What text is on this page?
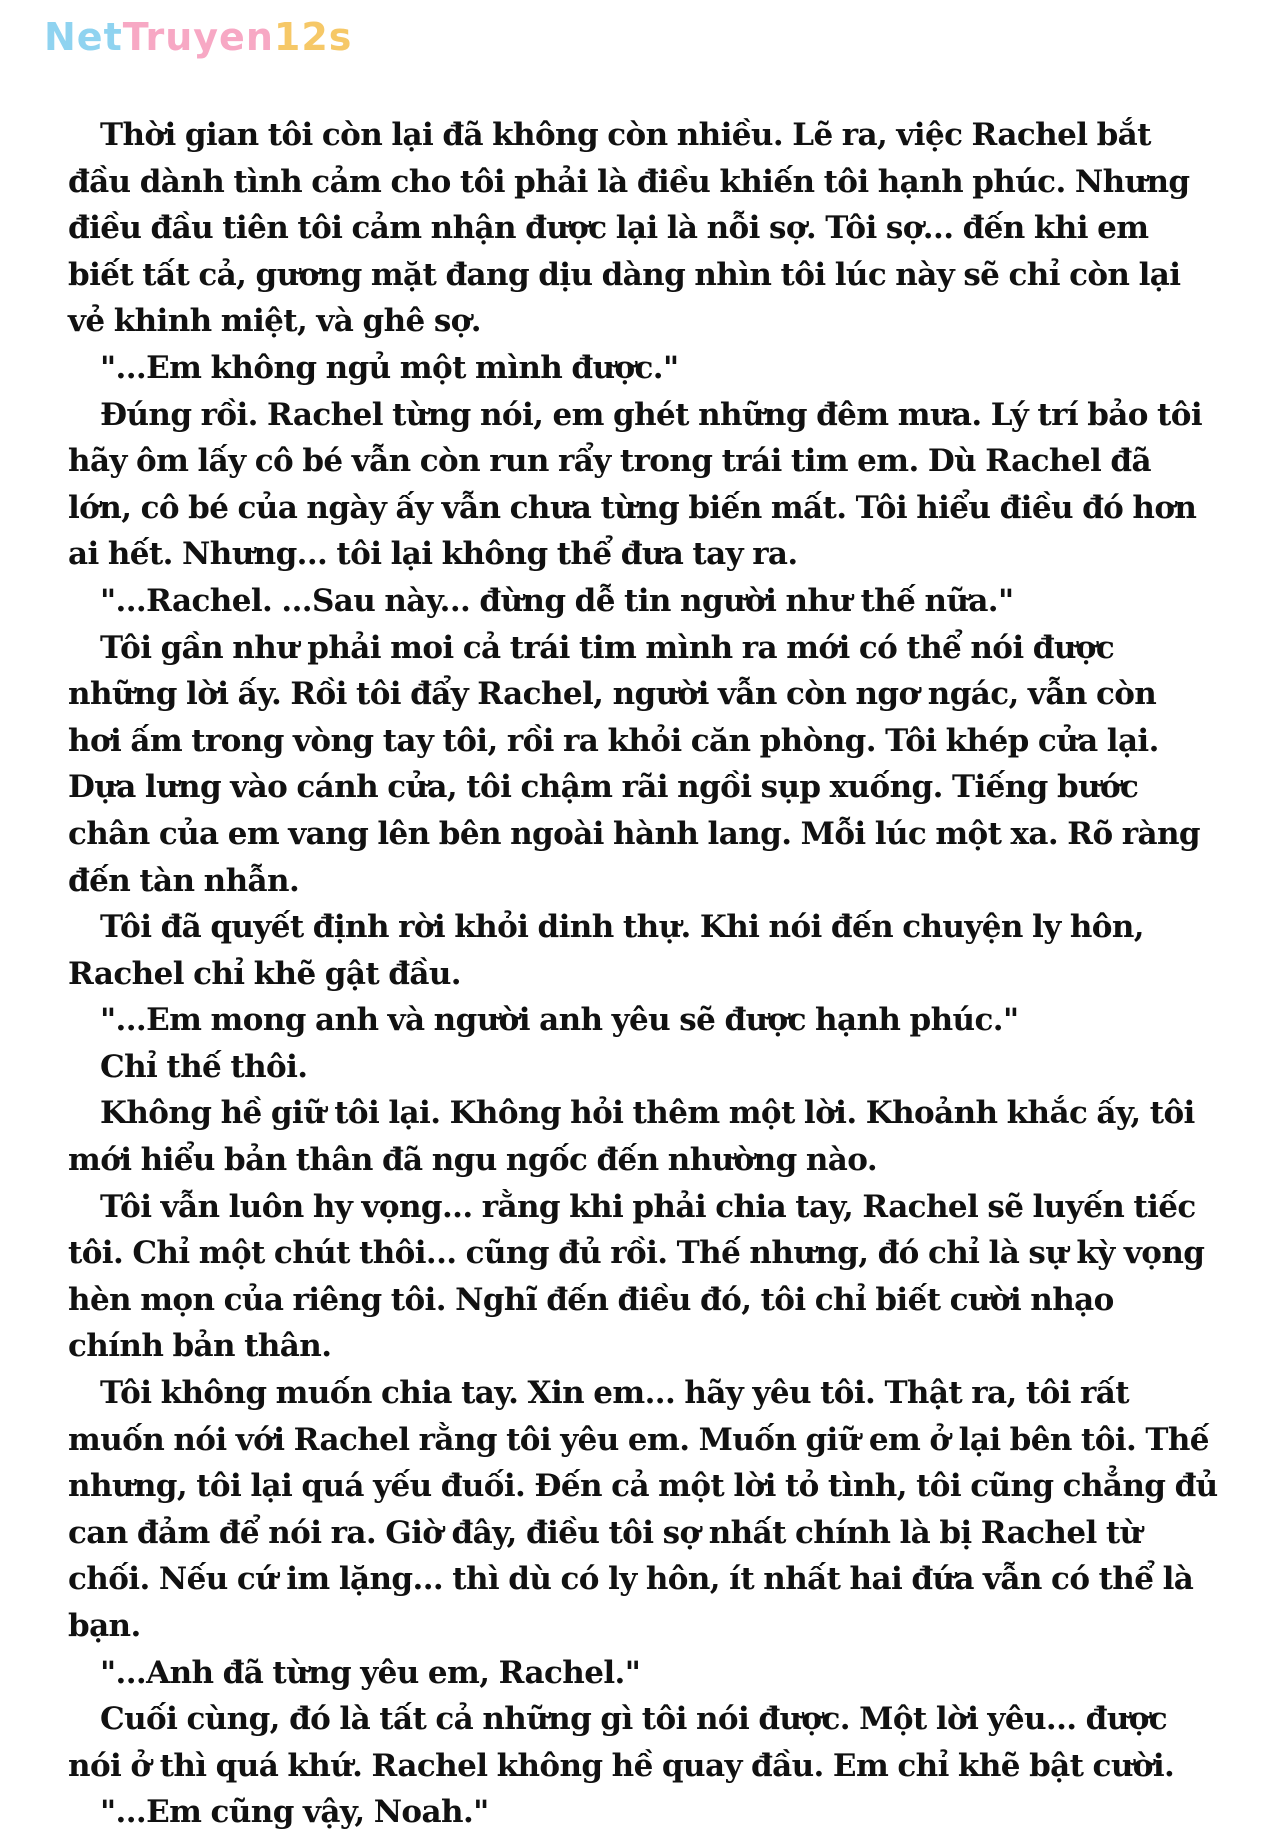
NetTruyen12s

Thời gian tôi còn lại đã không còn nhiều. Lẽ ra, việc Rachel bắt đầu dành tình cảm cho tôi phải là điều khiến tôi hạnh phúc. Nhưng điều đầu tiên tôi cảm nhận được lại là nỗi sợ. Tôi sợ... đến khi em biết tất cả, gương mặt đang dịu dàng nhìn tôi lúc này sẽ chỉ còn lại vẻ khinh miệt, và ghê sợ.

"...Em không ngủ một mình được."

Đúng rồi. Rachel từng nói, em ghét những đêm mưa. Lý trí bảo tôi hãy ôm lấy cô bé vẫn còn run rẩy trong trái tim em. Dù Rachel đã lớn, cô bé của ngày ấy vẫn chưa từng biến mất. Tôi hiểu điều đó hơn ai hết. Nhưng... tôi lại không thể đưa tay ra.

"...Rachel. ...Sau này... đừng dễ tin người như thế nữa."

Tôi gần như phải moi cả trái tim mình ra mới có thể nói được những lời ấy. Rồi tôi đẩy Rachel, người vẫn còn ngơ ngác, vẫn còn hơi ấm trong vòng tay tôi, rồi ra khỏi căn phòng. Tôi khép cửa lại. Dựa lưng vào cánh cửa, tôi chậm rãi ngồi sụp xuống. Tiếng bước chân của em vang lên bên ngoài hành lang. Mỗi lúc một xa. Rõ ràng đến tàn nhẫn.

Tôi đã quyết định rời khỏi dinh thự. Khi nói đến chuyện ly hôn, Rachel chỉ khẽ gật đầu.

"...Em mong anh và người anh yêu sẽ được hạnh phúc."

Chỉ thế thôi.

Không hề giữ tôi lại. Không hỏi thêm một lời. Khoảnh khắc ấy, tôi mới hiểu bản thân đã ngu ngốc đến nhường nào.

Tôi vẫn luôn hy vọng... rằng khi phải chia tay, Rachel sẽ luyến tiếc tôi. Chỉ một chút thôi... cũng đủ rồi. Thế nhưng, đó chỉ là sự kỳ vọng hèn mọn của riêng tôi. Nghĩ đến điều đó, tôi chỉ biết cười nhạo chính bản thân.

Tôi không muốn chia tay. Xin em... hãy yêu tôi. Thật ra, tôi rất muốn nói với Rachel rằng tôi yêu em. Muốn giữ em ở lại bên tôi. Thế nhưng, tôi lại quá yếu đuối. Đến cả một lời tỏ tình, tôi cũng chẳng đủ can đảm để nói ra. Giờ đây, điều tôi sợ nhất chính là bị Rachel từ chối. Nếu cứ im lặng... thì dù có ly hôn, ít nhất hai đứa vẫn có thể là bạn.

"...Anh đã từng yêu em, Rachel."

Cuối cùng, đó là tất cả những gì tôi nói được. Một lời yêu... được nói ở thì quá khứ. Rachel không hề quay đầu. Em chỉ khẽ bật cười.

"...Em cũng vậy, Noah."
